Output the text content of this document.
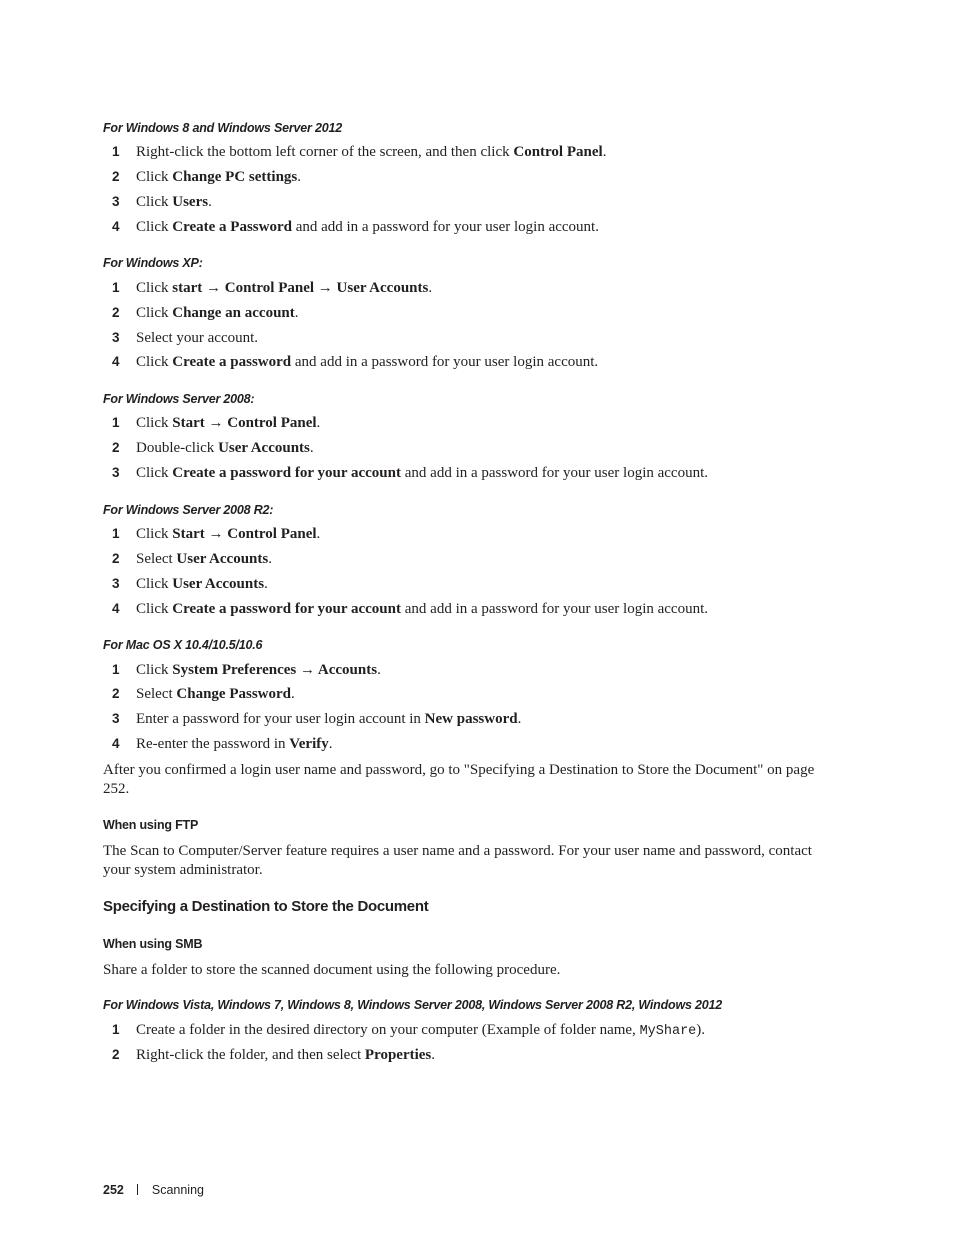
For Windows 8 and Windows Server 2012
1 Right-click the bottom left corner of the screen, and then click Control Panel.
2 Click Change PC settings.
3 Click Users.
4 Click Create a Password and add in a password for your user login account.
For Windows XP:
1 Click start → Control Panel → User Accounts.
2 Click Change an account.
3 Select your account.
4 Click Create a password and add in a password for your user login account.
For Windows Server 2008:
1 Click Start → Control Panel.
2 Double-click User Accounts.
3 Click Create a password for your account and add in a password for your user login account.
For Windows Server 2008 R2:
1 Click Start → Control Panel.
2 Select User Accounts.
3 Click User Accounts.
4 Click Create a password for your account and add in a password for your user login account.
For Mac OS X 10.4/10.5/10.6
1 Click System Preferences → Accounts.
2 Select Change Password.
3 Enter a password for your user login account in New password.
4 Re-enter the password in Verify.
After you confirmed a login user name and password, go to "Specifying a Destination to Store the Document" on page 252.
When using FTP
The Scan to Computer/Server feature requires a user name and a password. For your user name and password, contact your system administrator.
Specifying a Destination to Store the Document
When using SMB
Share a folder to store the scanned document using the following procedure.
For Windows Vista, Windows 7, Windows 8, Windows Server 2008, Windows Server 2008 R2, Windows 2012
1 Create a folder in the desired directory on your computer (Example of folder name, MyShare).
2 Right-click the folder, and then select Properties.
252 Scanning
